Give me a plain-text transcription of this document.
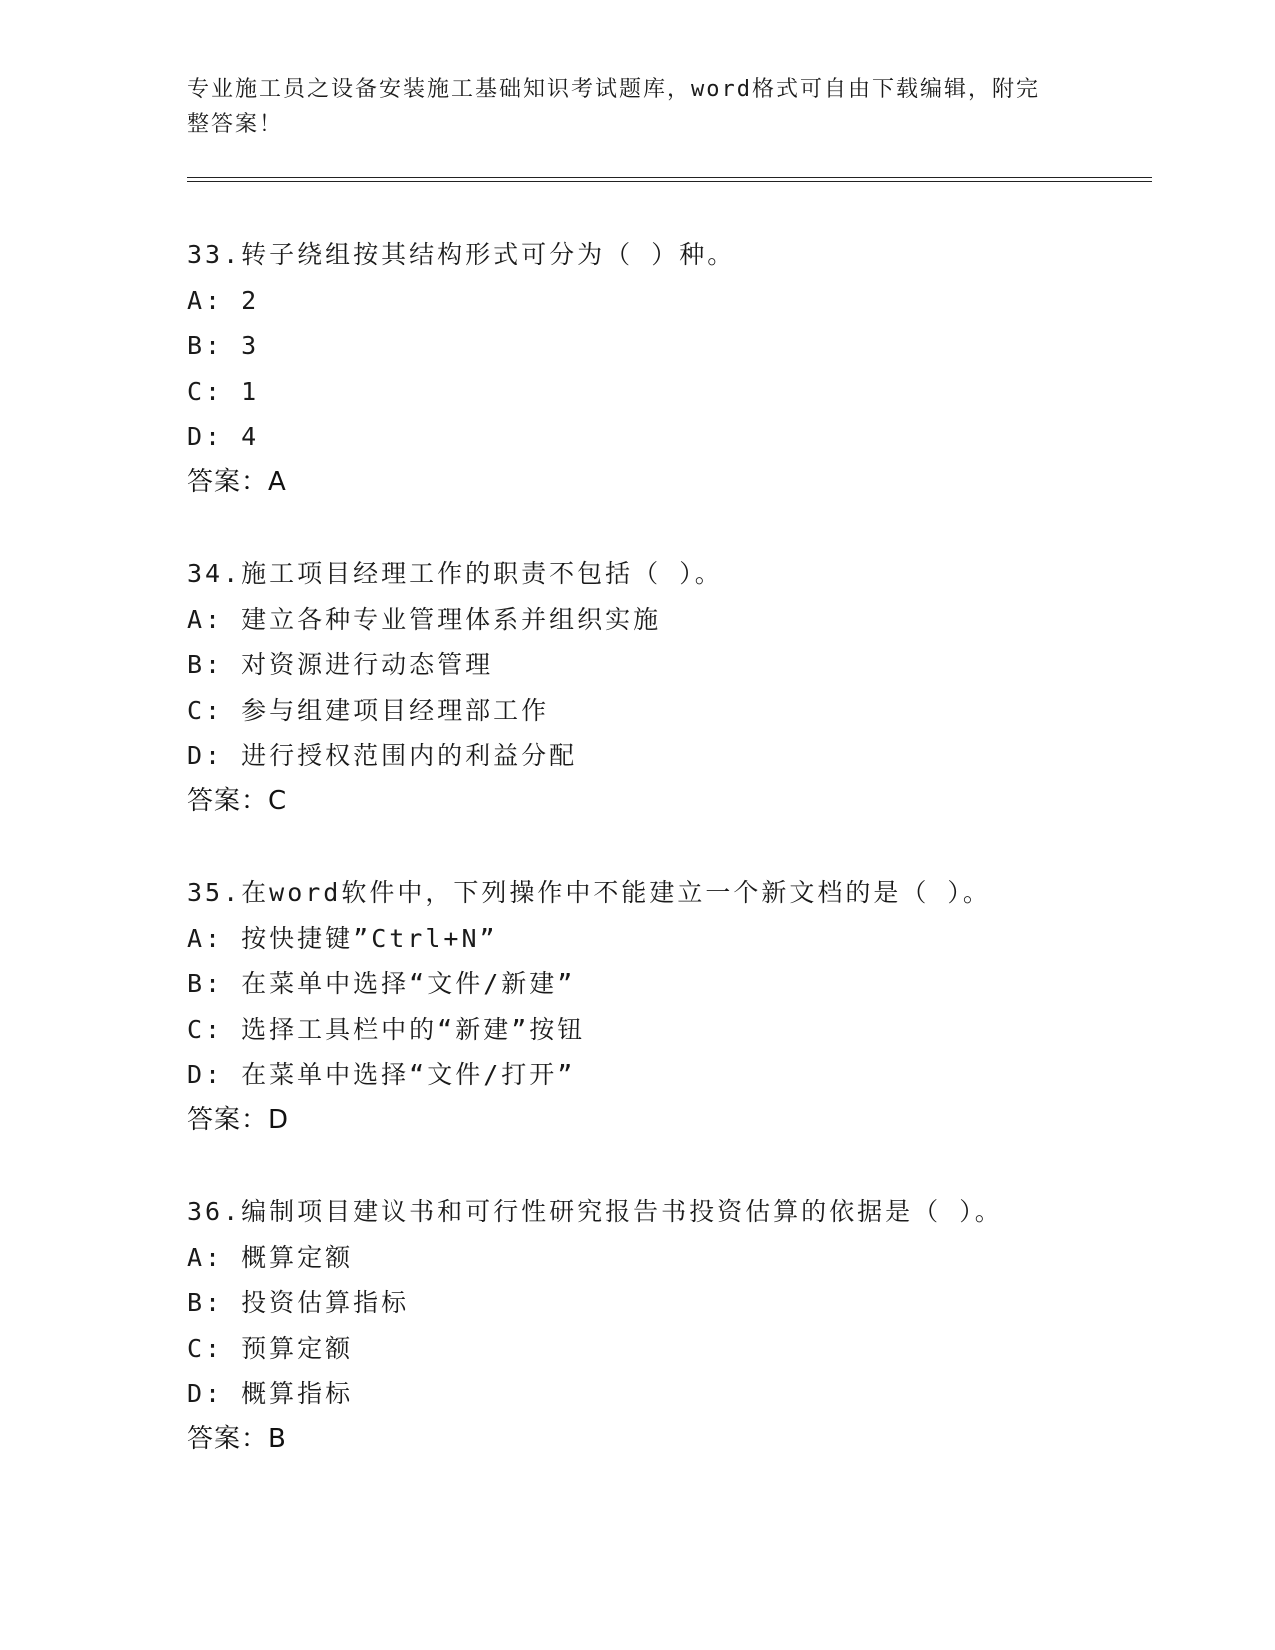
专业施工员之设备安装施工基础知识考试题库，word格式可自由下载编辑，附完
整答案！
33.转子绕组按其结构形式可分为（ ）种。
A: 2
B: 3
C: 1
D: 4
答案：A
34.施工项目经理工作的职责不包括（ ）。
A: 建立各种专业管理体系并组织实施
B: 对资源进行动态管理
C: 参与组建项目经理部工作
D: 进行授权范围内的利益分配
答案：C
35.在word软件中，下列操作中不能建立一个新文档的是（ ）。
A: 按快捷键”Ctrl+N”
B: 在菜单中选择“文件/新建”
C: 选择工具栏中的“新建”按钮
D: 在菜单中选择“文件/打开”
答案：D
36.编制项目建议书和可行性研究报告书投资估算的依据是（ ）。
A: 概算定额
B: 投资估算指标
C: 预算定额
D: 概算指标
答案：B
